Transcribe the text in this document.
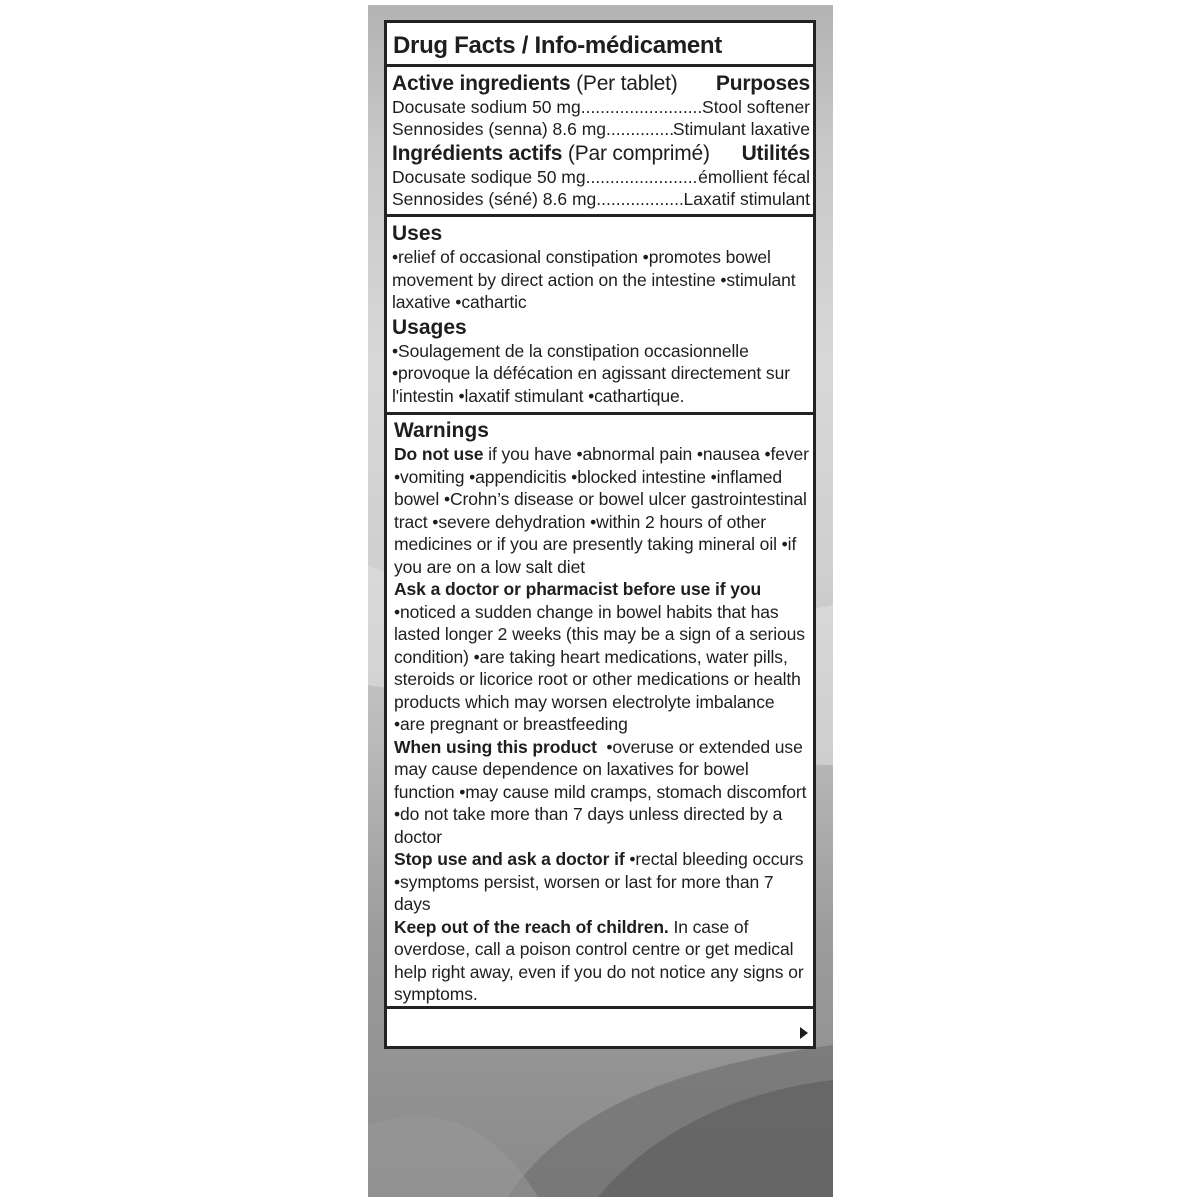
Drug Facts / Info-médicament
Active ingredients (Per tablet) Purposes
Docusate sodium 50 mg .....	Stool softener
Sennosides (senna) 8.6 mg .....	Stimulant laxative
Ingrédients actifs (Par comprimé) Utilités
Docusate sodique 50 mg .....	émollient fécal
Sennosides (séné) 8.6 mg .....	Laxatif stimulant
Uses

•relief of occasional constipation •promotes bowel movement by direct action on the intestine •stimulant laxative •cathartic

Usages

•Soulagement de la constipation occasionnelle •provoque la défécation en agissant directement sur l'intestin •laxatif stimulant •cathartique.

Warnings

Do not use if you have •abnormal pain •nausea •fever •vomiting •appendicitis •blocked intestine •inflamed bowel •Crohn’s disease or bowel ulcer gastrointestinal tract •severe dehydration •within 2 hours of other medicines or if you are presently taking mineral oil •if you are on a low salt diet

Ask a doctor or pharmacist before use if you •noticed a sudden change in bowel habits that has lasted longer 2 weeks (this may be a sign of a serious condition) •are taking heart medications, water pills, steroids or licorice root or other medications or health products which may worsen electrolyte imbalance •are pregnant or breastfeeding

When using this product  •overuse or extended use may cause dependence on laxatives for bowel function •may cause mild cramps, stomach discomfort •do not take more than 7 days unless directed by a doctor

Stop use and ask a doctor if •rectal bleeding occurs •symptoms persist, worsen or last for more than 7 days

Keep out of the reach of children. In case of overdose, call a poison control centre or get medical help right away, even if you do not notice any signs or symptoms.
